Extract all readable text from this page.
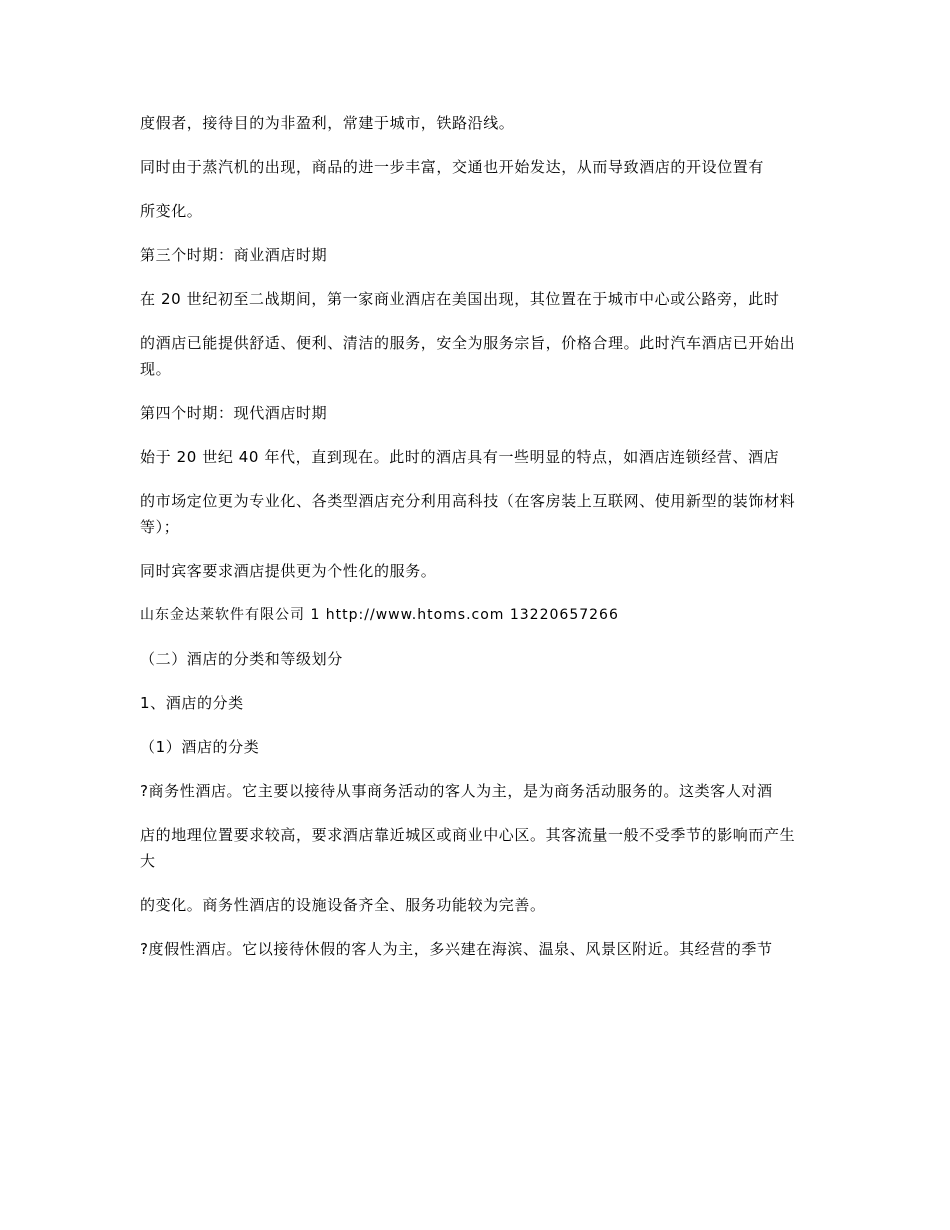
度假者，接待目的为非盈利，常建于城市，铁路沿线。

同时由于蒸汽机的出现，商品的进一步丰富，交通也开始发达，从而导致酒店的开设位置有

所变化。

第三个时期：商业酒店时期

在 20 世纪初至二战期间，第一家商业酒店在美国出现，其位置在于城市中心或公路旁，此时

的酒店已能提供舒适、便利、清洁的服务，安全为服务宗旨，价格合理。此时汽车酒店已开始出现。

第四个时期：现代酒店时期

始于 20 世纪 40 年代，直到现在。此时的酒店具有一些明显的特点，如酒店连锁经营、酒店

的市场定位更为专业化、各类型酒店充分利用高科技（在客房装上互联网、使用新型的装饰材料等）；

同时宾客要求酒店提供更为个性化的服务。

山东金达莱软件有限公司 1 http://www.htoms.com 13220657266

（二）酒店的分类和等级划分

1、酒店的分类

（1）酒店的分类

?商务性酒店。它主要以接待从事商务活动的客人为主，是为商务活动服务的。这类客人对酒

店的地理位置要求较高，要求酒店靠近城区或商业中心区。其客流量一般不受季节的影响而产生大

的变化。商务性酒店的设施设备齐全、服务功能较为完善。

?度假性酒店。它以接待休假的客人为主，多兴建在海滨、温泉、风景区附近。其经营的季节
